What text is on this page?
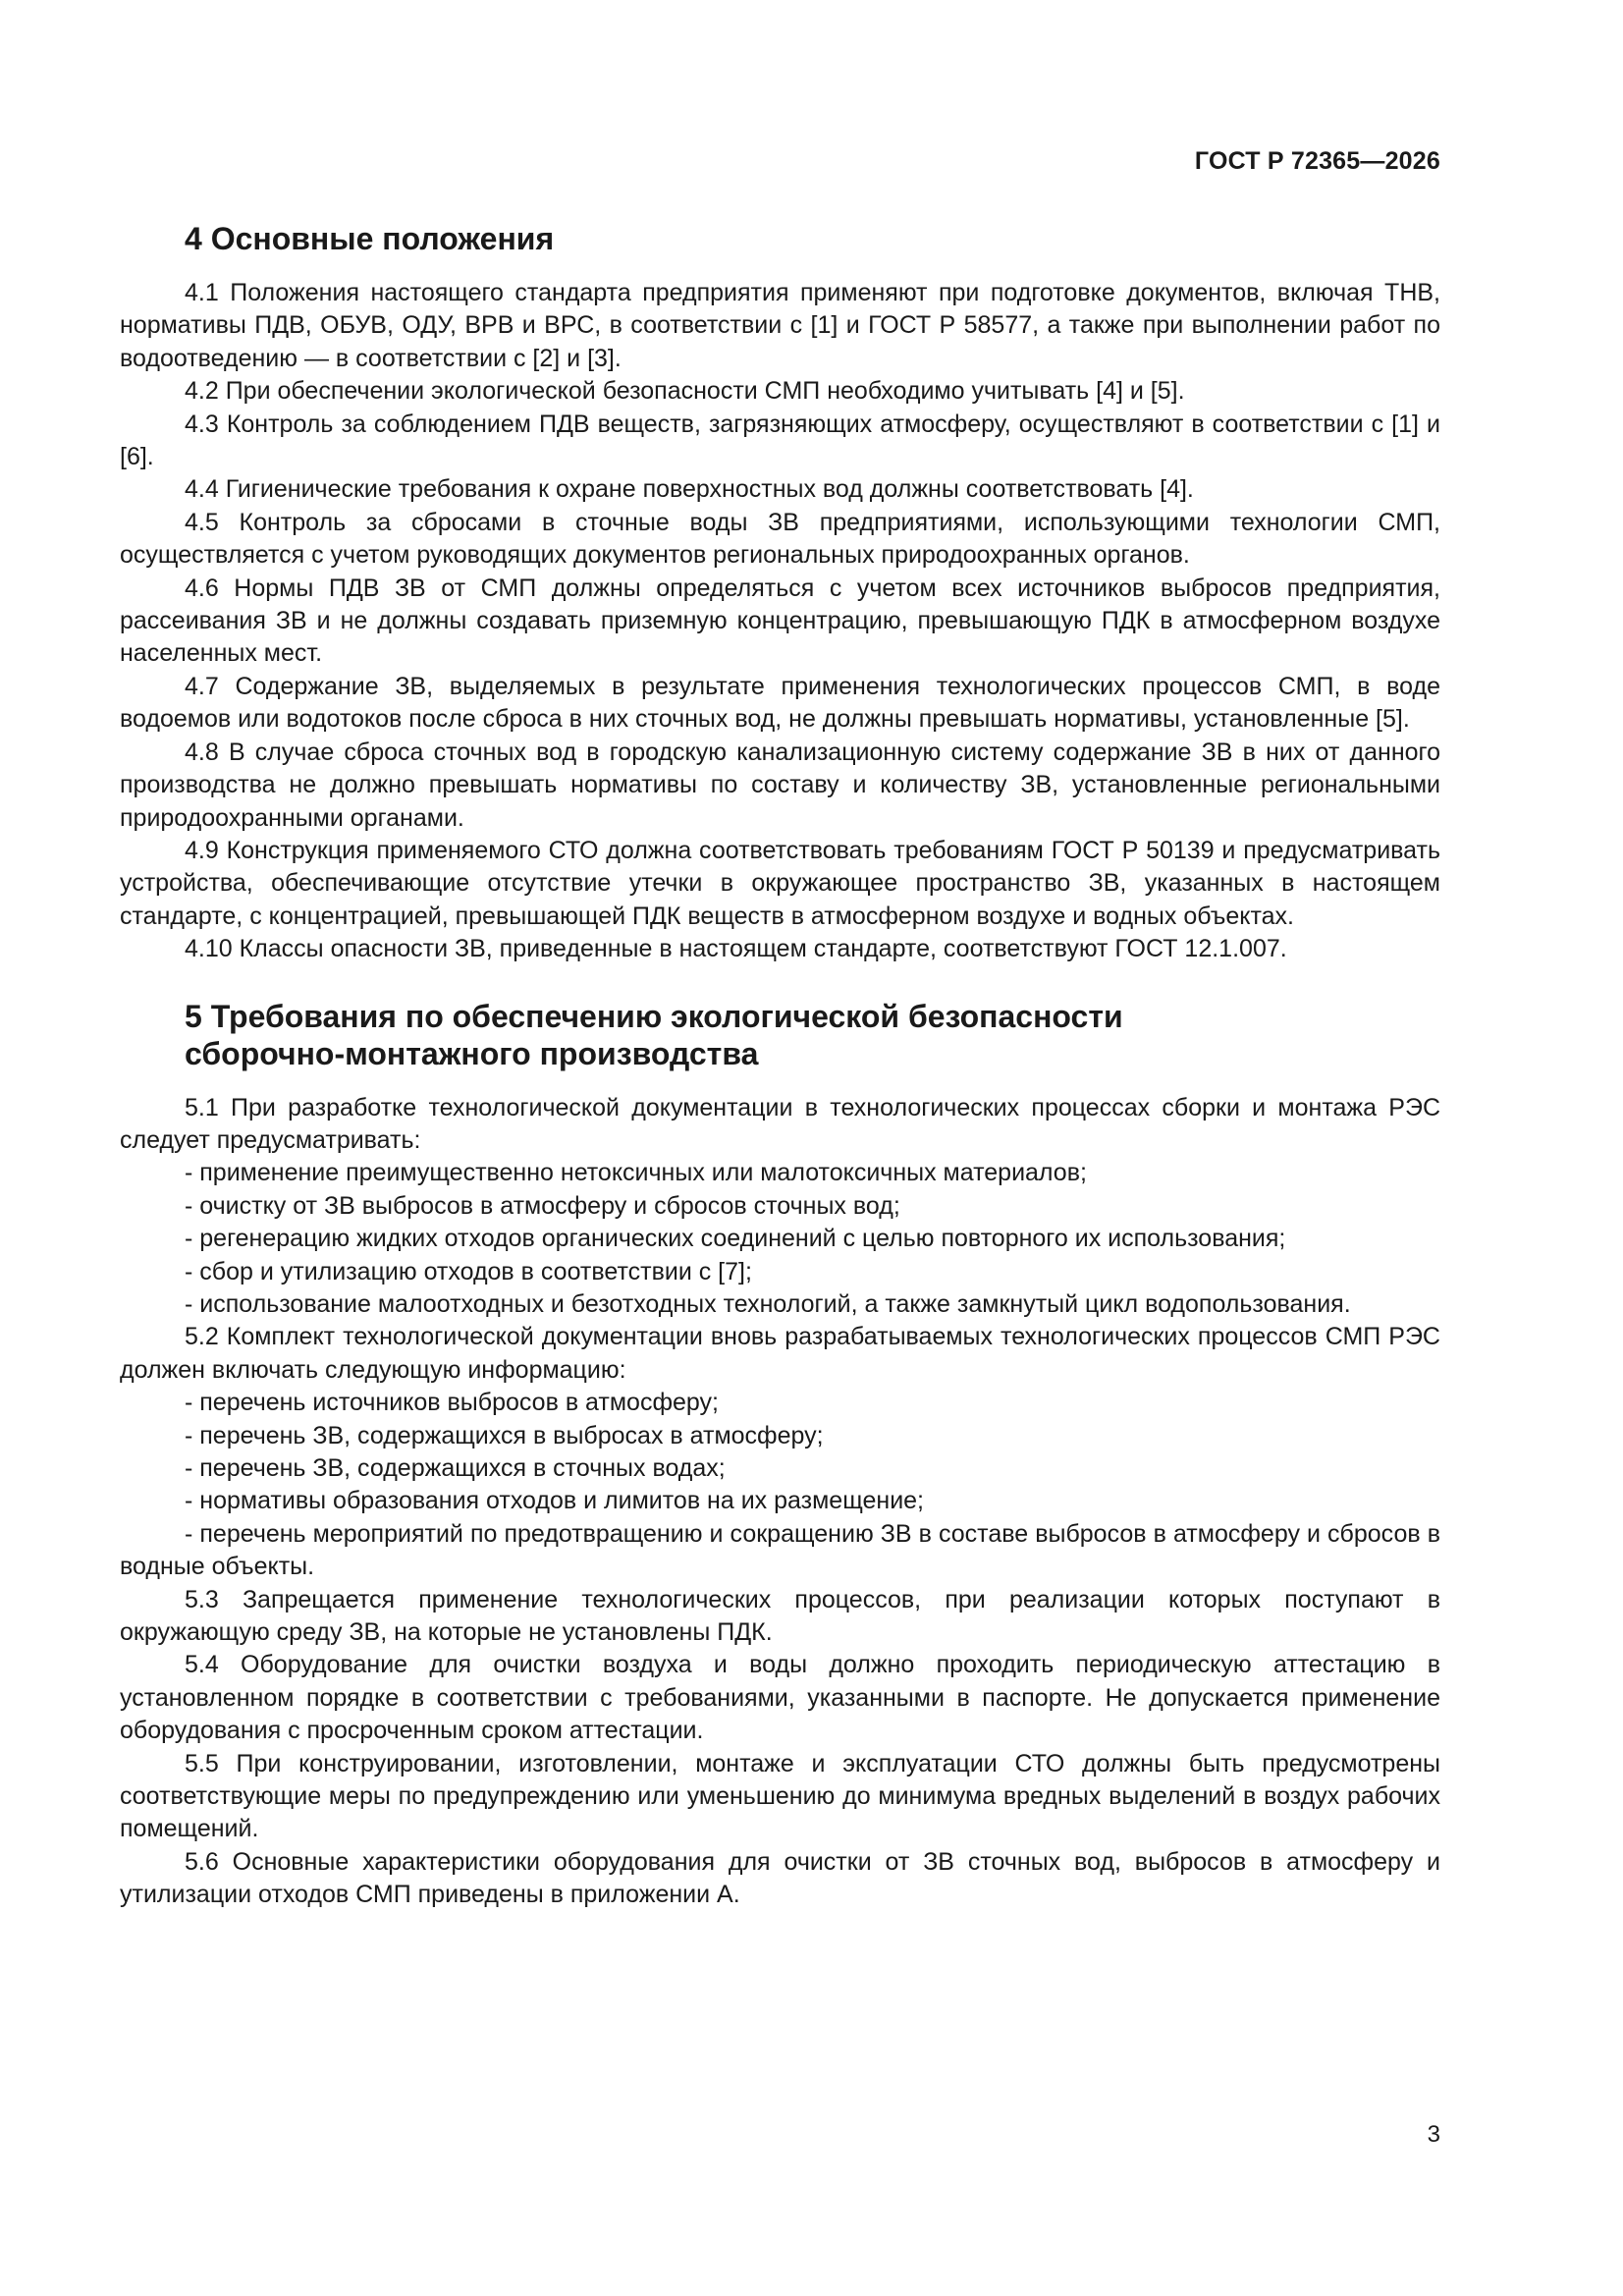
ГОСТ Р 72365—2026
4 Основные положения

4.1 Положения настоящего стандарта предприятия применяют при подготовке документов, включая ТНВ, нормативы ПДВ, ОБУВ, ОДУ, ВРВ и ВРС, в соответствии с [1] и ГОСТ Р 58577, а также при выполнении работ по водоотведению — в соответствии с [2] и [3].

4.2 При обеспечении экологической безопасности СМП необходимо учитывать [4] и [5].

4.3 Контроль за соблюдением ПДВ веществ, загрязняющих атмосферу, осуществляют в соответствии с [1] и [6].

4.4 Гигиенические требования к охране поверхностных вод должны соответствовать [4].

4.5 Контроль за сбросами в сточные воды ЗВ предприятиями, использующими технологии СМП, осуществляется с учетом руководящих документов региональных природоохранных органов.

4.6 Нормы ПДВ ЗВ от СМП должны определяться с учетом всех источников выбросов предприятия, рассеивания ЗВ и не должны создавать приземную концентрацию, превышающую ПДК в атмосферном воздухе населенных мест.

4.7 Содержание ЗВ, выделяемых в результате применения технологических процессов СМП, в воде водоемов или водотоков после сброса в них сточных вод, не должны превышать нормативы, установленные [5].

4.8 В случае сброса сточных вод в городскую канализационную систему содержание ЗВ в них от данного производства не должно превышать нормативы по составу и количеству ЗВ, установленные региональными природоохранными органами.

4.9 Конструкция применяемого СТО должна соответствовать требованиям ГОСТ Р 50139 и предусматривать устройства, обеспечивающие отсутствие утечки в окружающее пространство ЗВ, указанных в настоящем стандарте, с концентрацией, превышающей ПДК веществ в атмосферном воздухе и водных объектах.

4.10 Классы опасности ЗВ, приведенные в настоящем стандарте, соответствуют ГОСТ 12.1.007.

5 Требования по обеспечению экологической безопасности
сборочно-монтажного производства

5.1 При разработке технологической документации в технологических процессах сборки и монтажа РЭС следует предусматривать:

- применение преимущественно нетоксичных или малотоксичных материалов;

- очистку от ЗВ выбросов в атмосферу и сбросов сточных вод;

- регенерацию жидких отходов органических соединений с целью повторного их использования;

- сбор и утилизацию отходов в соответствии с [7];

- использование малоотходных и безотходных технологий, а также замкнутый цикл водопользования.

5.2 Комплект технологической документации вновь разрабатываемых технологических процессов СМП РЭС должен включать следующую информацию:

- перечень источников выбросов в атмосферу;

- перечень ЗВ, содержащихся в выбросах в атмосферу;

- перечень ЗВ, содержащихся в сточных водах;

- нормативы образования отходов и лимитов на их размещение;

- перечень мероприятий по предотвращению и сокращению ЗВ в составе выбросов в атмосферу и сбросов в водные объекты.

5.3 Запрещается применение технологических процессов, при реализации которых поступают в окружающую среду ЗВ, на которые не установлены ПДК.

5.4 Оборудование для очистки воздуха и воды должно проходить периодическую аттестацию в установленном порядке в соответствии с требованиями, указанными в паспорте. Не допускается применение оборудования с просроченным сроком аттестации.

5.5 При конструировании, изготовлении, монтаже и эксплуатации СТО должны быть предусмотрены соответствующие меры по предупреждению или уменьшению до минимума вредных выделений в воздух рабочих помещений.

5.6 Основные характеристики оборудования для очистки от ЗВ сточных вод, выбросов в атмосферу и утилизации отходов СМП приведены в приложении А.

3
